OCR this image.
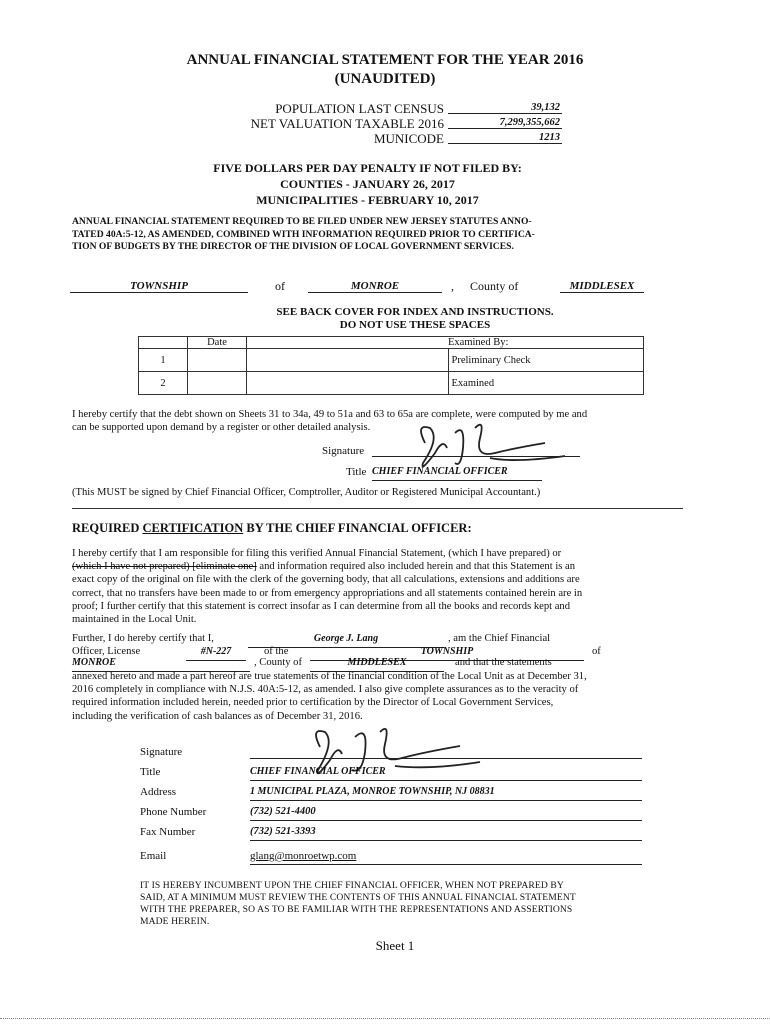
ANNUAL FINANCIAL STATEMENT FOR THE YEAR 2016
(UNAUDITED)
POPULATION LAST CENSUS	39,132
NET VALUATION TAXABLE 2016	7,299,355,662
MUNICODE	1213
FIVE DOLLARS PER DAY PENALTY IF NOT FILED BY:
COUNTIES - JANUARY 26, 2017
MUNICIPALITIES - FEBRUARY 10, 2017
ANNUAL FINANCIAL STATEMENT REQUIRED TO BE FILED UNDER NEW JERSEY STATUTES ANNO-
TATED 40A:5-12, AS AMENDED, COMBINED WITH INFORMATION REQUIRED PRIOR TO CERTIFICA-
TION OF BUDGETS BY THE DIRECTOR OF THE DIVISION OF LOCAL GOVERNMENT SERVICES.
TOWNSHIP	of	MONROE	, County of	MIDDLESEX
SEE BACK COVER FOR INDEX AND INSTRUCTIONS.
DO NOT USE THESE SPACES
	Date		Examined By:
1			Preliminary Check
2			Examined
I hereby certify that the debt shown on Sheets 31 to 34a, 49 to 51a and 63 to 65a are complete, were computed by me and
can be supported upon demand by a register or other detailed analysis.
Signature
Title CHIEF FINANCIAL OFFICER
(This MUST be signed by Chief Financial Officer, Comptroller, Auditor or Registered Municipal Accountant.)
REQUIRED CERTIFICATION BY THE CHIEF FINANCIAL OFFICER:
I hereby certify that I am responsible for filing this verified Annual Financial Statement, (which I have prepared) or
(which I have not prepared) [eliminate one] and information required also included herein and that this Statement is an
exact copy of the original on file with the clerk of the governing body, that all calculations, extensions and additions are
correct, that no transfers have been made to or from emergency appropriations and all statements contained herein are in
proof; I further certify that this statement is correct insofar as I can determine from all the books and records kept and
maintained in the Local Unit.
Further, I do hereby certify that I,	George J. Lang	, am the Chief Financial
Officer, License	#N-227	of the	TOWNSHIP	of
MONROE	, County of	MIDDLESEX	and that the statements
annexed hereto and made a part hereof are true statements of the financial condition of the Local Unit as at December 31,
2016 completely in compliance with N.J.S. 40A:5-12, as amended. I also give complete assurances as to the veracity of
required information included herein, needed prior to certification by the Director of Local Government Services,
including the verification of cash balances as of December 31, 2016.
Signature
Title	CHIEF FINANCIAL OFFICER
Address	1 MUNICIPAL PLAZA, MONROE TOWNSHIP, NJ 08831
Phone Number	(732) 521-4400
Fax Number	(732) 521-3393
Email	glang@monroetwp.com
IT IS HEREBY INCUMBENT UPON THE CHIEF FINANCIAL OFFICER, WHEN NOT PREPARED BY
SAID, AT A MINIMUM MUST REVIEW THE CONTENTS OF THIS ANNUAL FINANCIAL STATEMENT
WITH THE PREPARER, SO AS TO BE FAMILIAR WITH THE REPRESENTATIONS AND ASSERTIONS
MADE HEREIN.
Sheet 1
